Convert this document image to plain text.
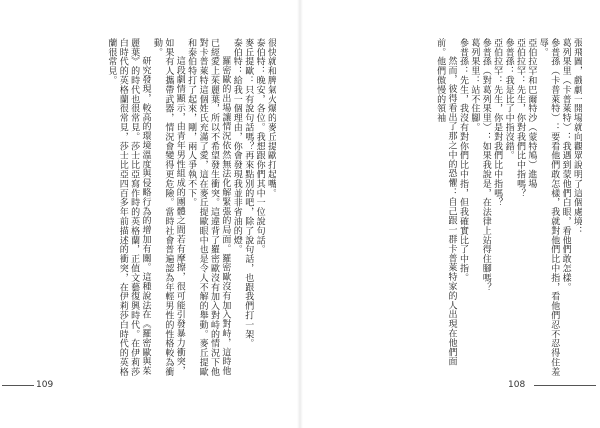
很快就和脾氣火爆的麥丘提歐打起嘴。
泰伯特：晚安，各位。我想跟你們其中一位說句話。
麥丘提歐：只有說句話嗎？再來點別的吧，除了說句話，也跟我們打一架。
泰伯特：給我一個理由，你會發現我並非省油的燈。
羅密歐的出場讓情況依然無法化解緊張的局面。羅密歐沒有加入對峙，這時他已經愛上茱麗葉，所以不希望發生衝突。這違背了羅密歐沒有加入對峙的情況下他對卡普萊特這個姓氏充滿了愛，這在麥丘提歐眼中也是令人不解的舉動。麥丘提歐和泰伯特打了起來，剛，兩人爭執不下。
這段劇情顯示，由青年男性組成的團體之間若有摩擦，很可能引發暴力衝突，如果有人攜帶武器，情況會變得更危險。當時社會普遍認為年輕男性的性格較為衝動。
研究發現，較高的環境溫度與侵略行為的增加有關。這種說法在《羅密歐與茱麗葉》的時代也很常見。莎士比亞寫作時的英格蘭，正值文藝復興時代。在伊莉莎白時代的英格蘭很常見，莎士比亞四百多年前描述的衝突，在伊莉莎白時代的英格蘭很常見。
109
張飛圖，戲劇一開場就向觀眾說明了這個處境：
葛列果里（卡普萊特）：我遇到蒙他們白眼，看他們敢怎樣。
參普孫（卡普萊特）：要看他們敢怎樣，我就對他們比中指，看他們忍不忍得住羞辱。
亞伯拉罕和巴爾特沙（蒙特鳩）進場
亞伯拉罕：先生，你對我們比中指嗎？
參普孫：我是比了中指沒錯。
亞伯拉罕：先生，你是對我們比中指嗎？
參普孫（對葛列果里）：如果我說是，在法律上站得住腳嗎？
葛列果里：站不住腳。
參普孫：先生，我沒有對你們比中指，但我確實比了中指。
然而，彼得看出了那之中的恐懼：自己跟一群卡普萊特家的人出現在他們面前。他們傲慢的領袖
108
